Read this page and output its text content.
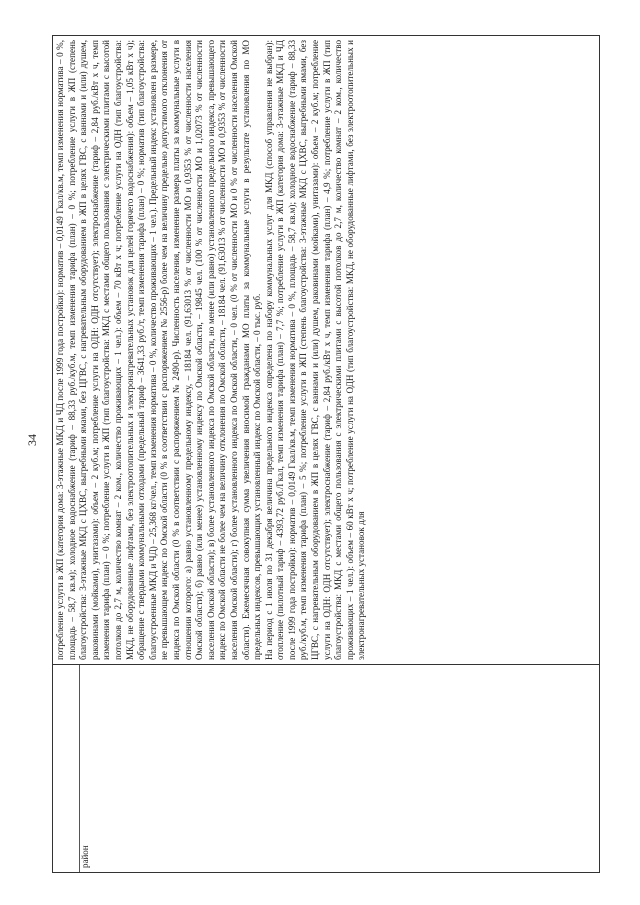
34
район

потребление услуги в ЖП (категория дома: 3-этажные МКД и ЧД после 1999 года постройки): норматив – 0,0149 Гкал/кв.м, темп изменения норматива – 0 %, площадь – 58,7 кв.м); холодное водоснабжение (тариф – 88,33 руб./куб.м, темп изменения тарифа (план) – 0 %; потребление услуги в ЖП (степень благоустройства: 3-этажные МКД с ЦХВС, выгребными ямами, без ЦГВС, с нагревательным оборудованием в ЖП в целях ГВС, с ваннами и (или) душем, раковинами (мойками), унитазами): объем – 2 куб.м; потребление услуги на ОДН: ОДН отсутствует); электроснабжение (тариф – 2,84 руб./кВт х ч, темп изменения тарифа (план) – 0 %; потребление услуги в ЖП (тип благоустройства: МКД с местами общего пользования с электрическими плитами с высотой потолков до 2,7 м, количество комнат – 2 ком., количество проживающих – 1 чел.): объем – 70 кВт х ч; потребление услуги на ОДН (тип благоустройства: МКД, не оборудованные лифтами, без электроотопительных и электронагревательных установок для целей горячего водоснабжения): объем – 1,05 кВт х ч); обращение с твердыми коммунальными отходами (предельный тариф – 3641,33 руб./т, темп изменения тарифа (план) – 0 %; норматив (тип благоустройства: благоустроенные МКД и ЧД) – 25,368 кг/чел., темп изменения норматива – 0 %, количество проживающих – 1 чел.). Предельный индекс установлен в размере, не превышающем индекс по Омской области (0 % в соответствии с распоряжением № 2556-р) более чем на величину предельно допустимого отклонения от индекса по Омской области (0 % в соответствии с распоряжением № 2490-р). Численность населения, изменение размера платы за коммунальные услуги в отношении которого: а) равно установленному предельному индексу, – 18184 чел. (91,63013 % от численности МО и 0,9353 % от численности населения Омской области); б) равно (или менее) установленному индексу по Омской области, – 19845 чел. (100 % от численности МО и 1,02073 % от численности населения Омской области); в) более установленного индекса по Омской области, но менее (или равно) установленного предельного индекса, превышающего индекс по Омской области не более чем на величину отклонения по Омской области, – 18184 чел. (91,63013 % от численности МО и 0,9353 % от численности населения Омской области); г) более установленного индекса по Омской области, – 0 чел. (0 % от численности МО и 0 % от численности населения Омской области). Ежемесячная совокупная сумма увеличения вносимой гражданами МО платы за коммунальные услуги в результате установления по МО предельных индексов, превышающих установленный индекс по Омской области, – 0 тыс. руб. На период с 1 июля по 31 декабря величина предельного индекса определена по набору коммунальных услуг для МКД (способ управления не выбран): отопление (пилотный тариф – 4393,72 руб./Гкал, темп изменения тарифа (план) – 7,7 %; потребление услуги в ЖП (категория дома: 3-этажные МКД и ЧД после 1999 года постройки): норматив – 0,0149 Гкал/кв.м, темп изменения норматива – 0 %, площадь – 58,7 кв.м); холодное водоснабжение (тариф – 88,33 руб./куб.м, темп изменения тарифа (план) – 5 %; потребление услуги в ЖП (степень благоустройства: 3-этажные МКД с ЦХВС, выгребными ямами, без ЦГВС, с нагревательным оборудованием в ЖП в целях ГВС, с ваннами и (или) душем, раковинами (мойками), унитазами): объем – 2 куб.м; потребление услуги на ОДН: ОДН отсутствует); электроснабжение (тариф – 2,84 руб./кВт х ч, темп изменения тарифа (план) – 4,9 %; потребление услуги в ЖП (тип благоустройства: МКД с местами общего пользования с электрическими плитами с высотой потолков до 2,7 м, количество комнат – 2 ком., количество проживающих – 1 чел.): объем – 60 кВт х ч; потребление услуги на ОДН (тип благоустройства: МКД, не оборудованные лифтами, без электроотопительных и электронагревательных установок для
